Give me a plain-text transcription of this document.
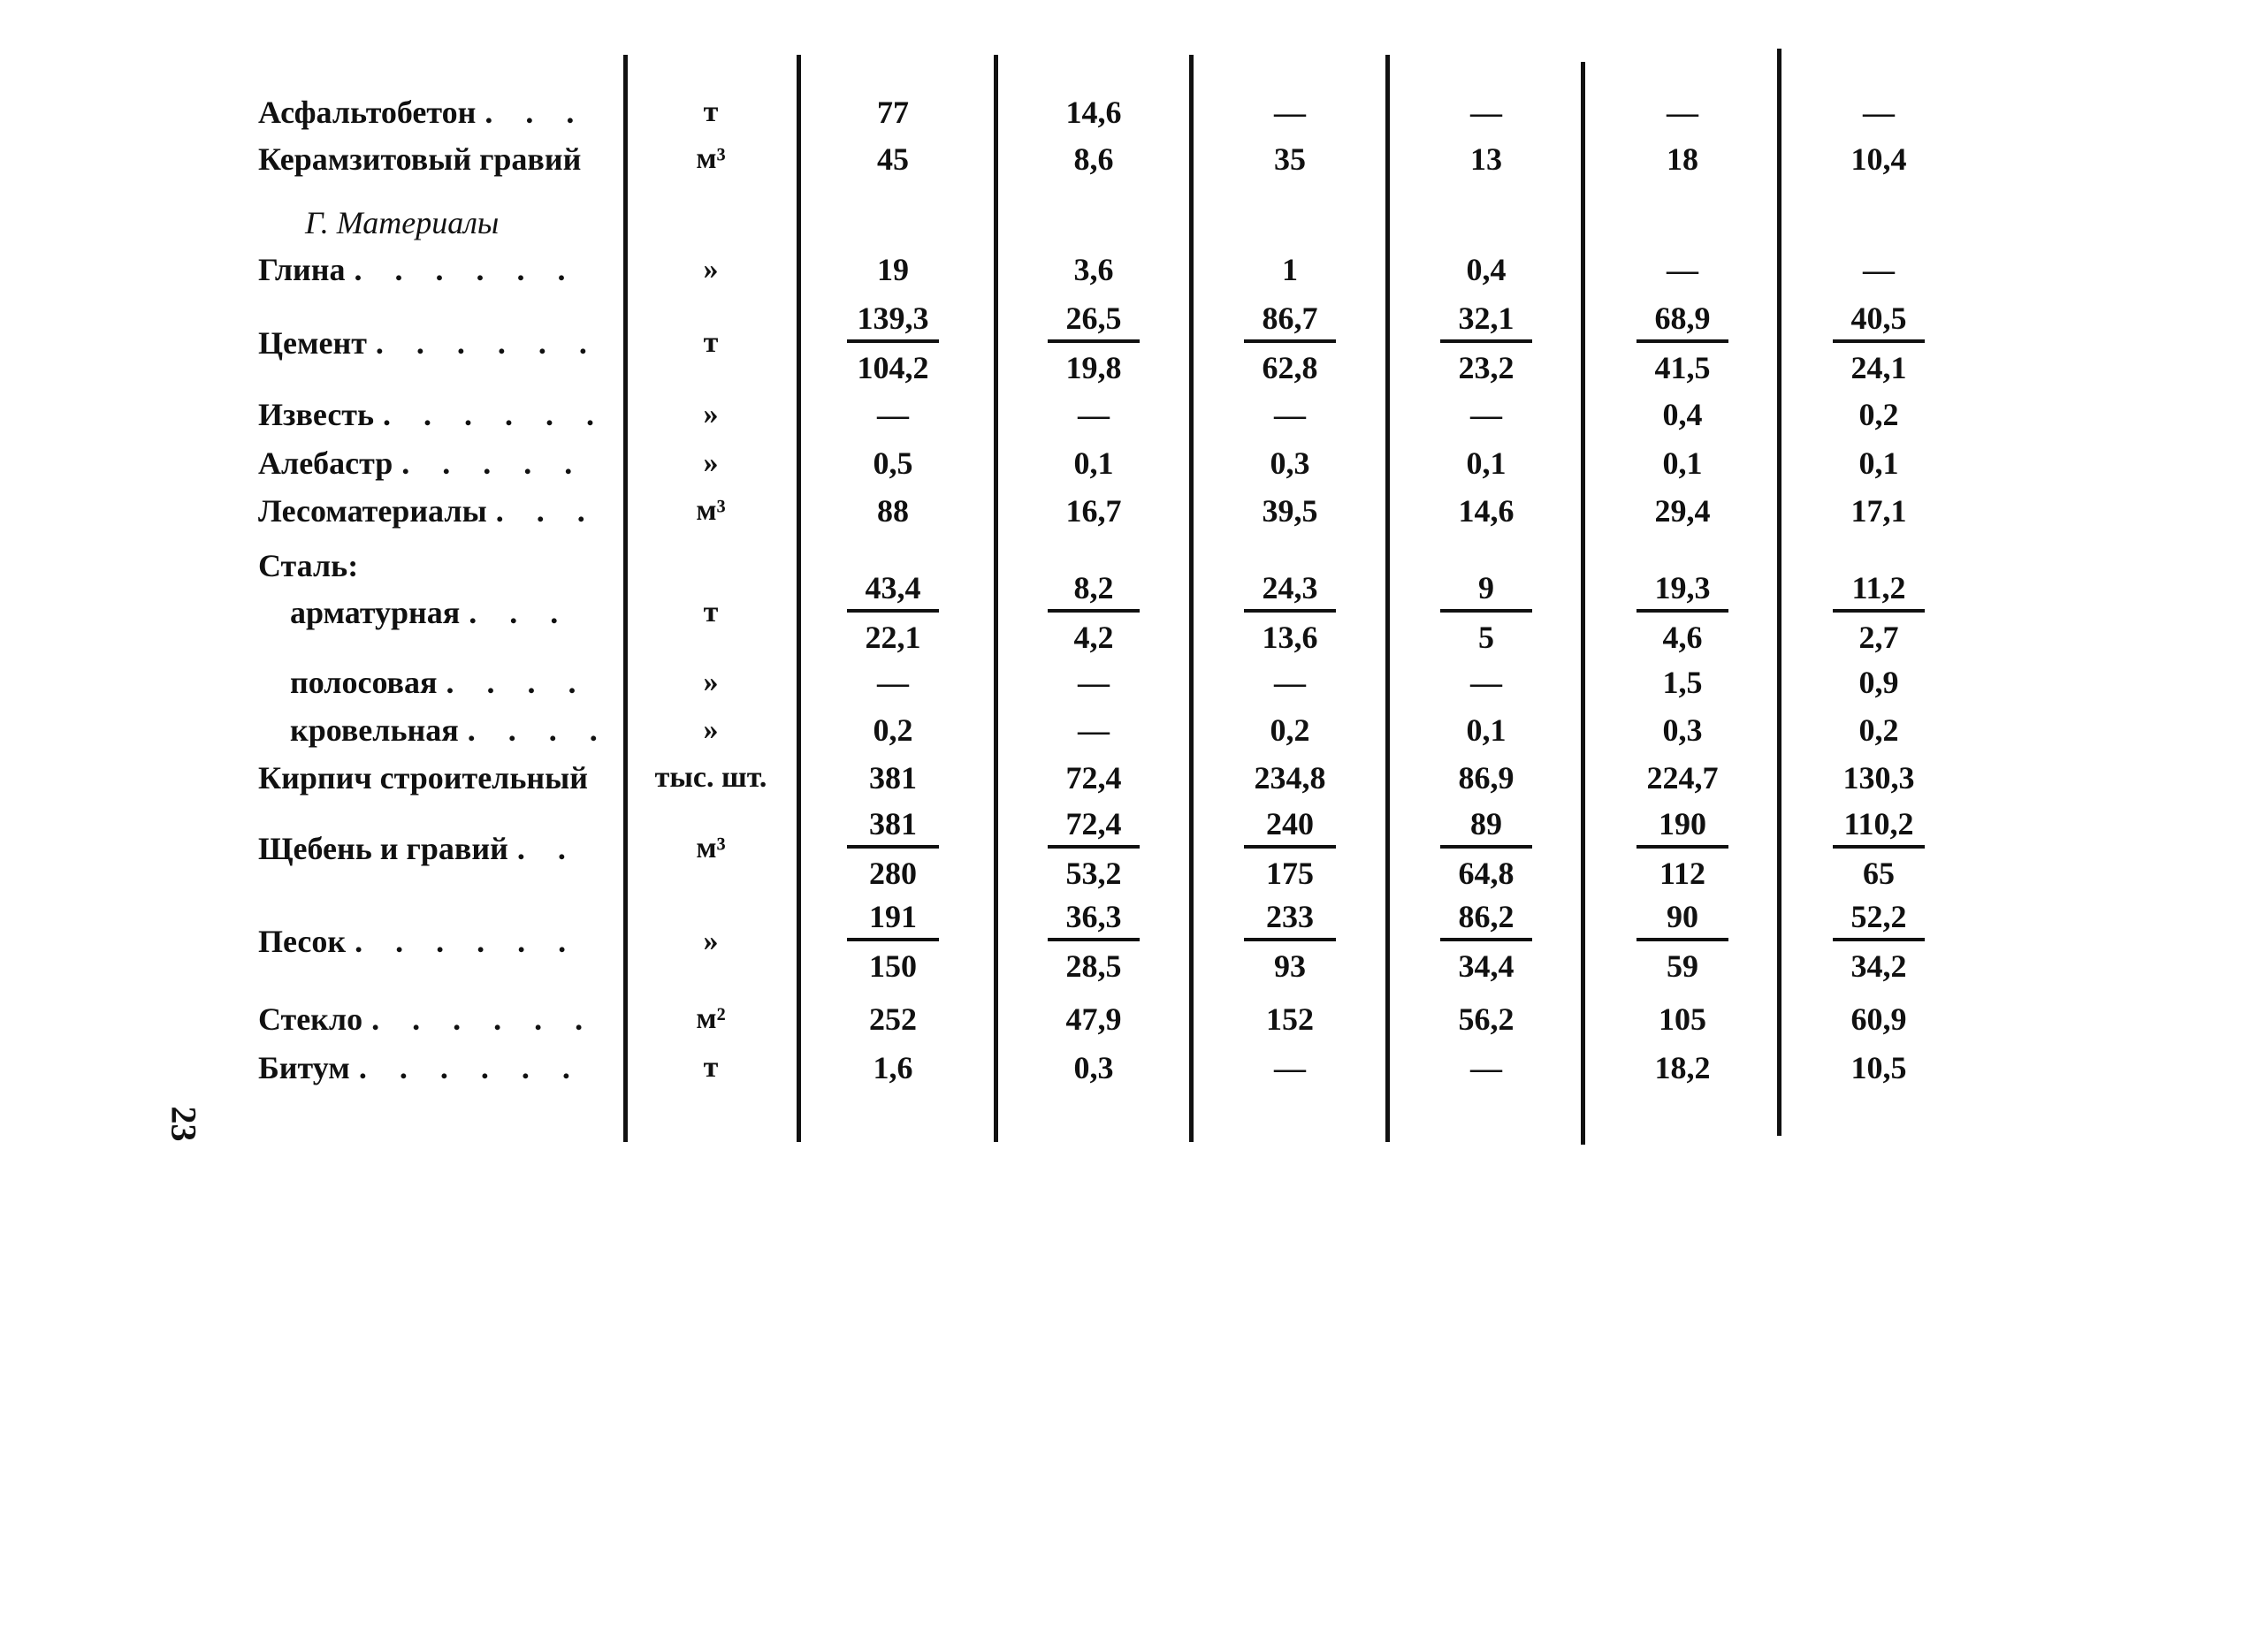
Асфальтобетон . . .	т	77	14,6	—	—	—	—
Керамзитовый гравий	м³	45	8,6	35	13	18	10,4
Глина . . . . . .	»	19	3,6	1	0,4	—	—
Цемент . . . . . .	т	$\frac{139,3}{104,2} \frac{26,5}{19,8} \frac{86,7}{62,8} \frac{32,1}{23,2} \frac{68,9}{41,5} \frac{40,5}{24,1}$
Известь . . . . . .	»	—	—	—	—	0,4	0,2
Алебастр . . . . .	»	0,5	0,1	0,3	0,1	0,1	0,1
Лесоматериалы . . .	м³	88	16,7	39,5	14,6	29,4	17,1
Сталь:
арматурная . . .	т	$\frac{43,4}{22,1} \frac{8,2}{4,2} \frac{24,3}{13,6} \frac{9}{5} \frac{19,3}{4,6} \frac{11,2}{2,7}$
полосовая . . . .	»	—	—	—	—	1,5	0,9
кровельная . . . .	»	0,2	—	0,2	0,1	0,3	0,2
Кирпич строительный	тыс. шт.	381	72,4	234,8	86,9	224,7	130,3
Щебень и гравий . .	м³	$\frac{381}{280} \frac{72,4}{53,2} \frac{240}{175} \frac{89}{64,8} \frac{190}{112} \frac{110,2}{65}$
Песок . . . . . .	»	$\frac{191}{150} \frac{36,3}{28,5} \frac{233}{93} \frac{86,2}{34,4} \frac{90}{59} \frac{52,2}{34,2}$
Стекло . . . . . .	м²	252	47,9	152	56,2	105	60,9
Битум . . . . . .	т	1,6	0,3	—	—	18,2	10,5
Г. Материалы
23
